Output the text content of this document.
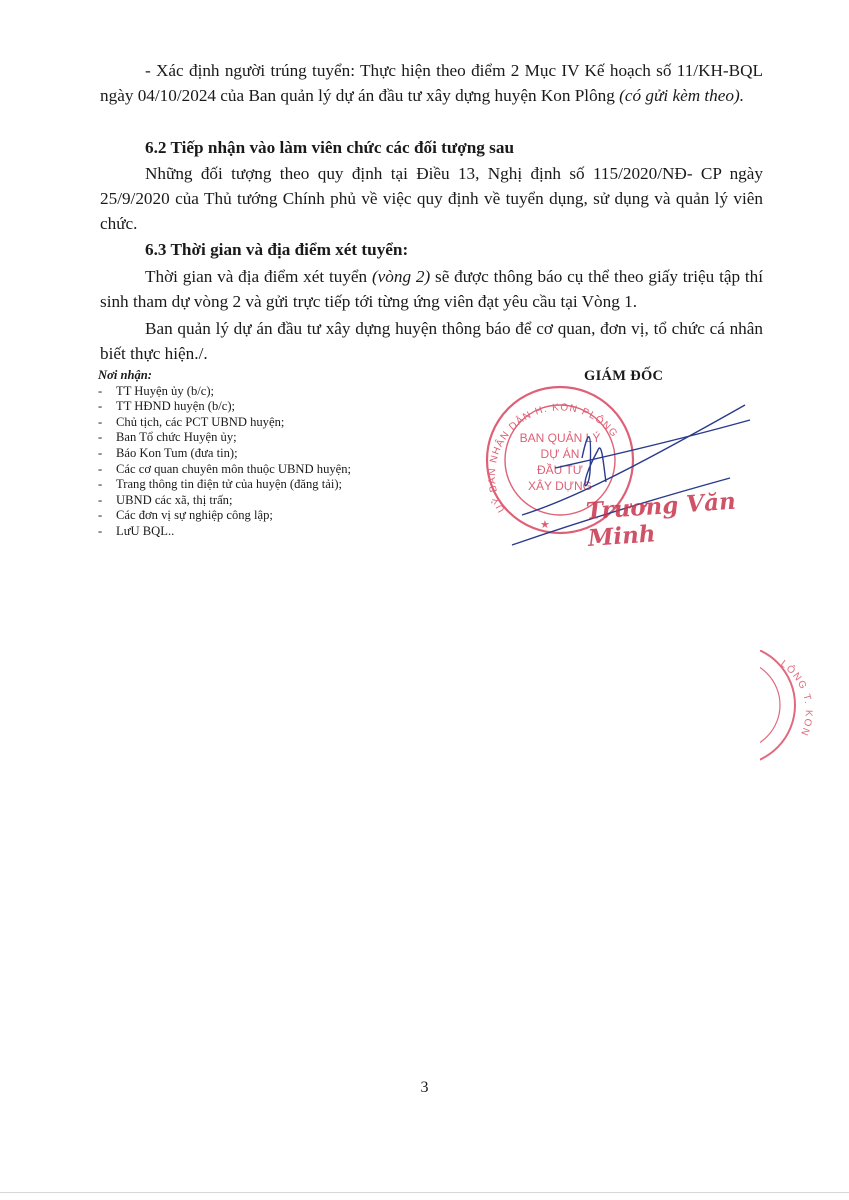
- Xác định người trúng tuyển: Thực hiện theo điểm 2 Mục IV Kế hoạch số 11/KH-BQL ngày 04/10/2024 của Ban quản lý dự án đầu tư xây dựng huyện Kon Plông (có gửi kèm theo).
6.2 Tiếp nhận vào làm viên chức các đối tượng sau
Những đối tượng theo quy định tại Điều 13, Nghị định số 115/2020/NĐ- CP ngày 25/9/2020 của Thủ tướng Chính phủ về việc quy định về tuyển dụng, sử dụng và quản lý viên chức.
6.3 Thời gian và địa điểm xét tuyển:
Thời gian và địa điểm xét tuyển (vòng 2) sẽ được thông báo cụ thể theo giấy triệu tập thí sinh tham dự vòng 2 và gửi trực tiếp tới từng ứng viên đạt yêu cầu tại Vòng 1.
Ban quản lý dự án đầu tư xây dựng huyện thông báo để cơ quan, đơn vị, tổ chức cá nhân biết thực hiện./.
Nơi nhận:
- TT Huyện ủy (b/c);
- TT HĐND huyện (b/c);
- Chủ tịch, các PCT UBND huyện;
- Ban Tổ chức Huyện ủy;
- Báo Kon Tum (đưa tin);
- Các cơ quan chuyên môn thuộc UBND huyện;
- Trang thông tin điện tử của huyện (đăng tải);
- UBND các xã, thị trấn;
- Các đơn vị sự nghiệp công lập;
- LưU BQL..
UỶ BAN NHÂN DÂN H. KON PLÔNG
BAN QUẢN LÝ
DỰ ÁN
ĐẦU TƯ
XÂY DỰNG
★
GIÁM ĐỐC
Trương Văn Minh
LÔNG T. KON
3
